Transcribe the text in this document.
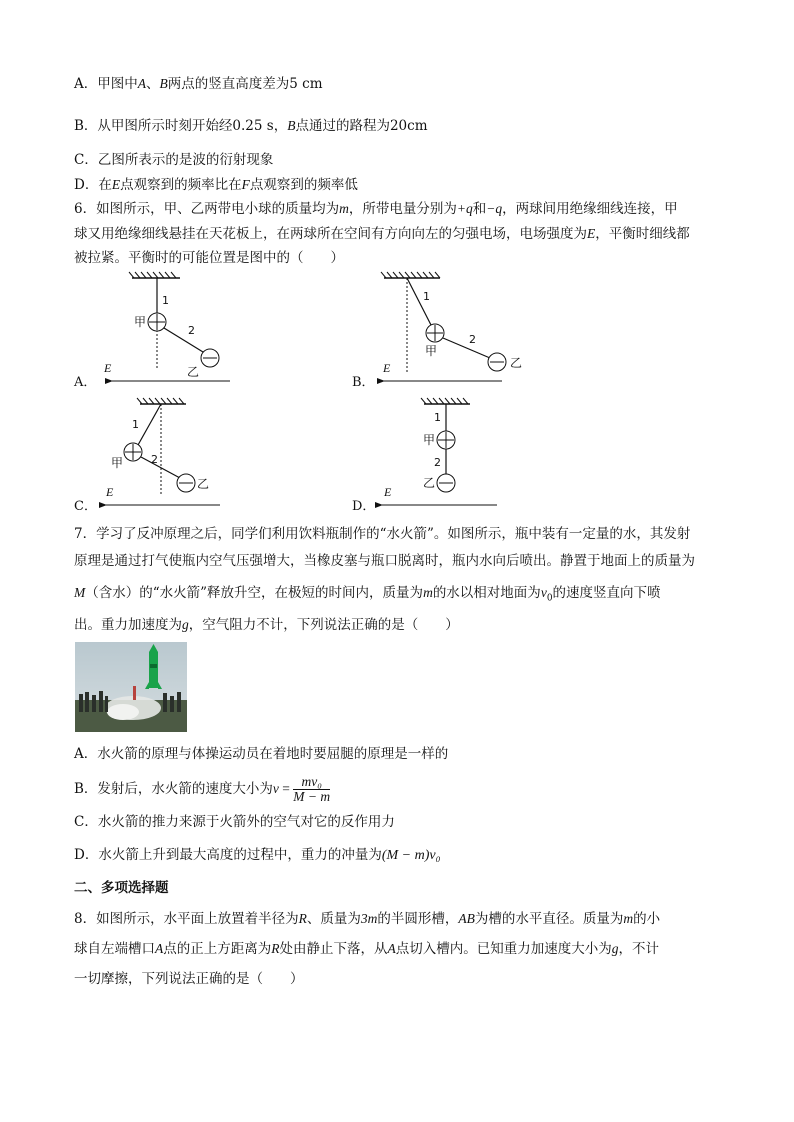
A．甲图中A、B两点的竖直高度差为5 cm
B．从甲图所示时刻开始经0.25 s，B点通过的路程为20cm
C．乙图所表示的是波的衍射现象
D．在E点观察到的频率比在F点观察到的频率低
6．如图所示，甲、乙两带电小球的质量均为m，所带电量分别为+q和−q，两球间用绝缘细线连接，甲
球又用绝缘细线悬挂在天花板上，在两球所在空间有方向向左的匀强电场，电场强度为E，平衡时细线都
被拉紧。平衡时的可能位置是图中的（　　）
1
甲
2
乙
E
A．
1
甲
2
乙
E
B．
1
甲	2
乙
E
C．
1
甲
2
乙
E
D．
7．学习了反冲原理之后，同学们利用饮料瓶制作的“水火箭”。如图所示，瓶中装有一定量的水，其发射
原理是通过打气使瓶内空气压强增大，当橡皮塞与瓶口脱离时，瓶内水向后喷出。静置于地面上的质量为
M（含水）的“水火箭”释放升空，在极短的时间内，质量为m的水以相对地面为$v_0$的速度竖直向下喷
出。重力加速度为g，空气阻力不计，下列说法正确的是（　　）
A．水火箭的原理与体操运动员在着地时要屈腿的原理是一样的
B．发射后，水火箭的速度大小为$v = \frac{\text{mv₀}}{M - m}$
C．水火箭的推力来源于火箭外的空气对它的反作用力
D．水火箭上升到最大高度的过程中，重力的冲量为(M − m)v₀
二、多项选择题
8．如图所示，水平面上放置着半径为R、质量为3m的半圆形槽，AB为槽的水平直径。质量为m的小
球自左端槽口A点的正上方距离为R处由静止下落，从A点切入槽内。已知重力加速度大小为g，不计
一切摩擦，下列说法正确的是（　　）
